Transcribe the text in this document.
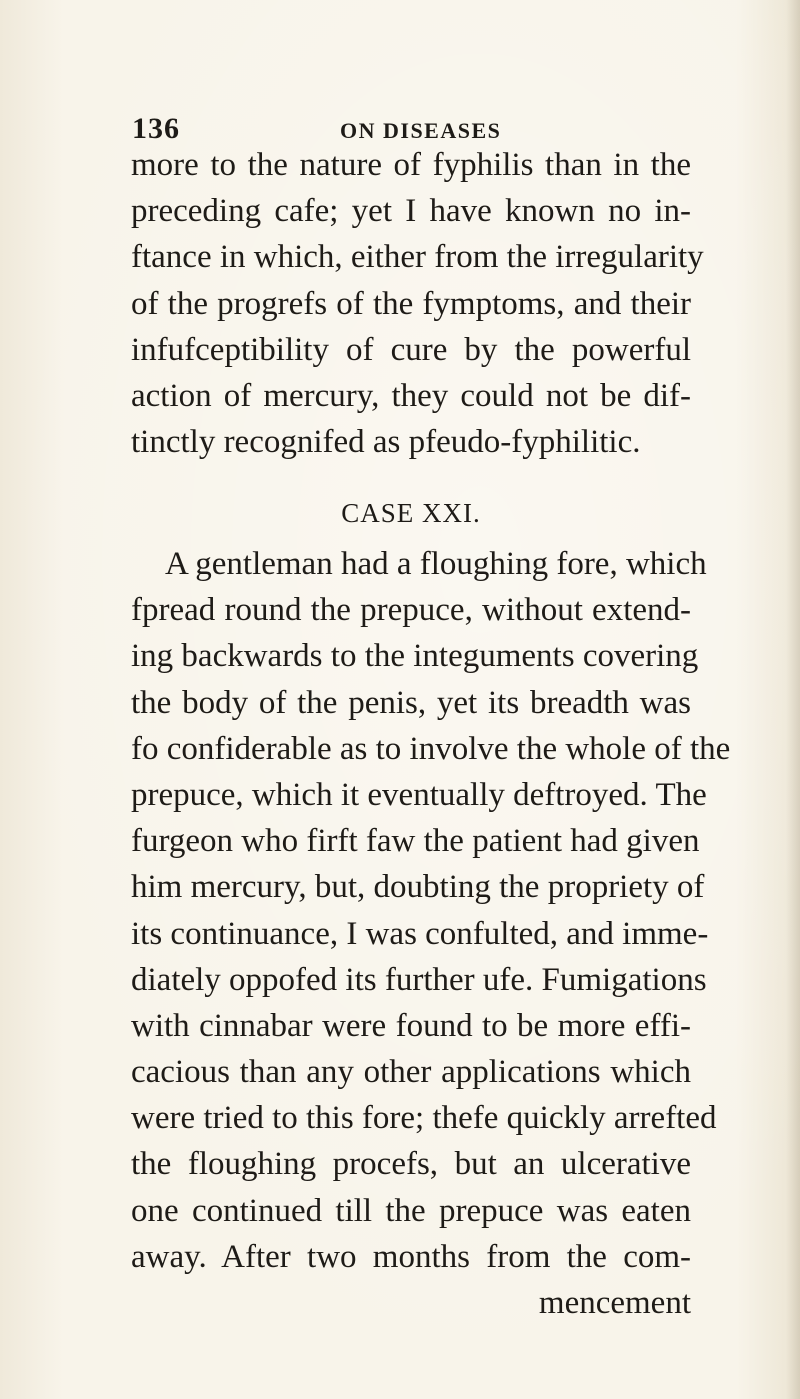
136	ON DISEASES
more to the nature of fyphilis than in the
preceding cafe; yet I have known no in-
ftance in which, either from the irregularity
of the progrefs of the fymptoms, and their
infufceptibility of cure by the powerful
action of mercury, they could not be dif-
tinctly recognifed as pfeudo-fyphilitic.
CASE XXI.
A gentleman had a floughing fore, which
fpread round the prepuce, without extend-
ing backwards to the integuments covering
the body of the penis, yet its breadth was
fo confiderable as to involve the whole of the
prepuce, which it eventually deftroyed. The
furgeon who firft faw the patient had given
him mercury, but, doubting the propriety of
its continuance, I was confulted, and imme-
diately oppofed its further ufe. Fumigations
with cinnabar were found to be more effi-
cacious than any other applications which
were tried to this fore; thefe quickly arrefted
the floughing procefs, but an ulcerative
one continued till the prepuce was eaten
away. After two months from the com-
mencement
